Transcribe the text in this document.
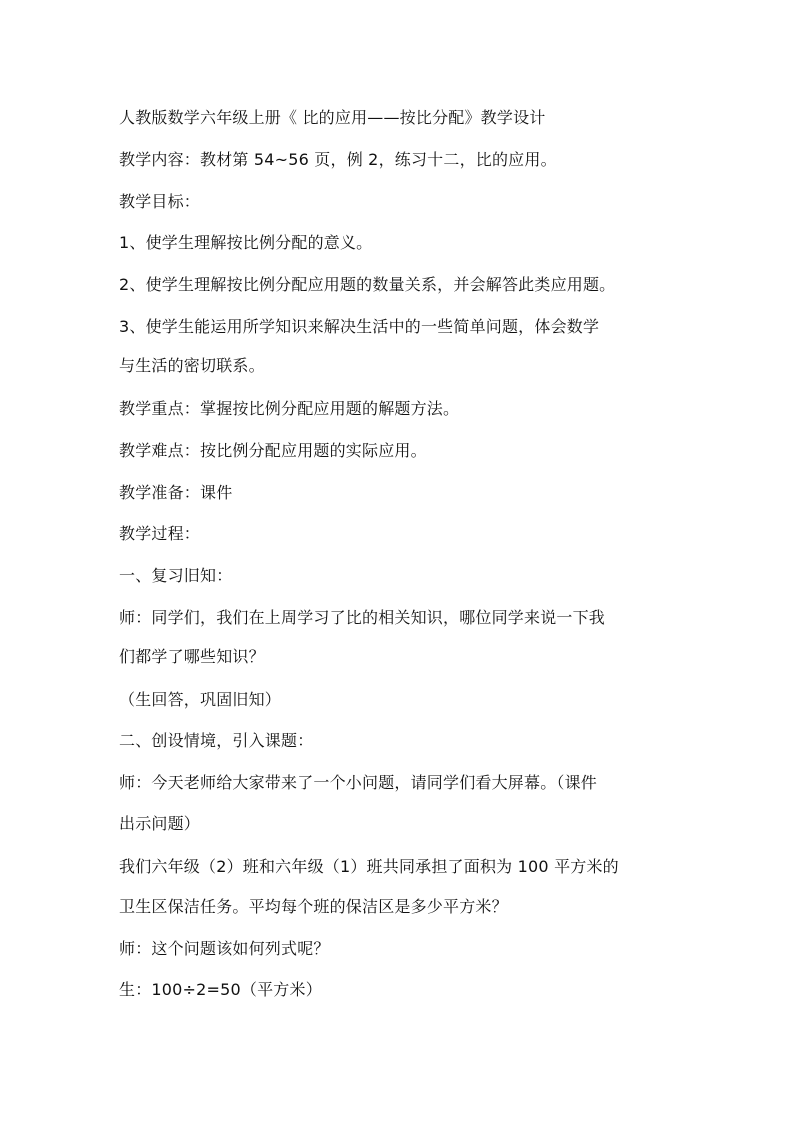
人教版数学六年级上册《 比的应用——按比分配》教学设计
教学内容：教材第 54~56 页，例 2，练习十二，比的应用。
教学目标：
1、使学生理解按比例分配的意义。
2、使学生理解按比例分配应用题的数量关系，并会解答此类应用题。
3、使学生能运用所学知识来解决生活中的一些简单问题，体会数学
与生活的密切联系。
教学重点：掌握按比例分配应用题的解题方法。
教学难点：按比例分配应用题的实际应用。
教学准备：课件
教学过程：
一、复习旧知：
师：同学们，我们在上周学习了比的相关知识，哪位同学来说一下我
们都学了哪些知识？
（生回答，巩固旧知）
二、创设情境，引入课题：
师：今天老师给大家带来了一个小问题，请同学们看大屏幕。（课件
出示问题）
我们六年级（2）班和六年级（1）班共同承担了面积为 100 平方米的
卫生区保洁任务。平均每个班的保洁区是多少平方米？
师：这个问题该如何列式呢？
生：100÷2=50（平方米）
